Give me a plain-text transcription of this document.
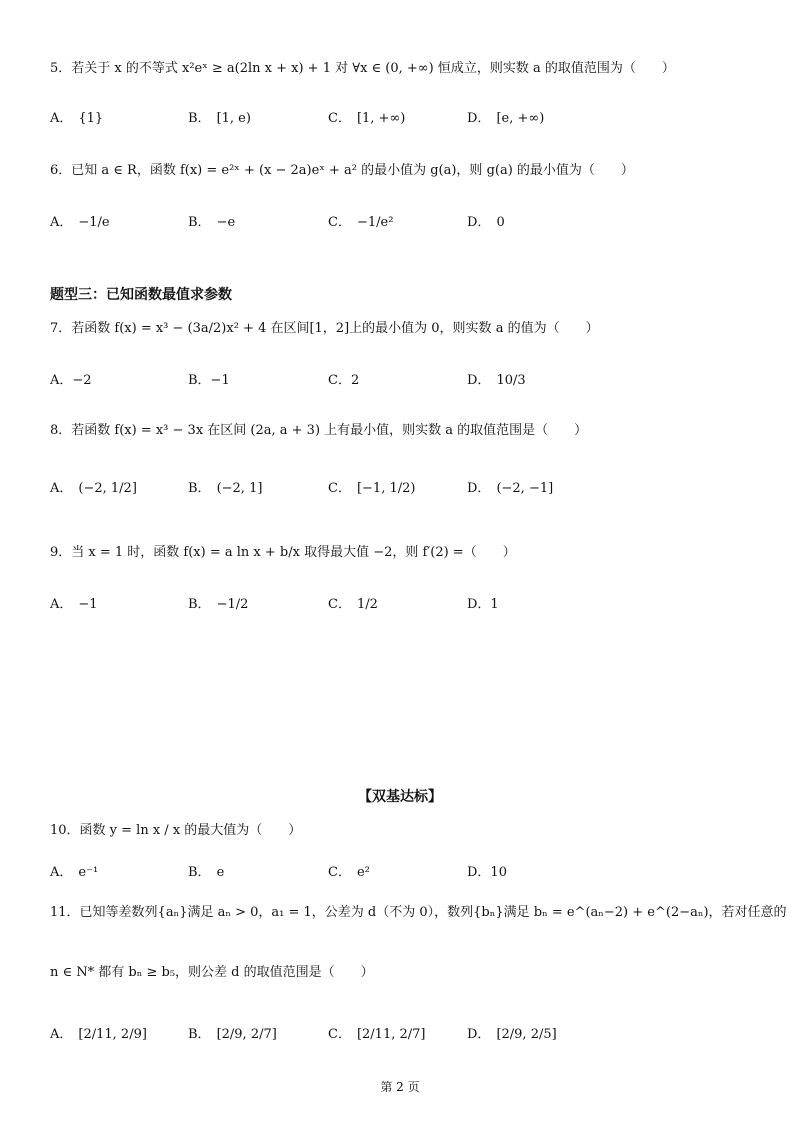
5．若关于 x 的不等式 x²eˣ ≥ a(2ln x + x) + 1 对 ∀x ∈ (0, +∞) 恒成立，则实数 a 的取值范围为（　　）
A． {1}	B． [1, e)	C． [1, +∞)	D． [e, +∞)
6．已知 a ∈ R，函数 f(x) = e²ˣ + (x − 2a)eˣ + a² 的最小值为 g(a)，则 g(a) 的最小值为（　　）
A． −1/e	B． −e	C． −1/e²	D． 0
题型三：已知函数最值求参数
7．若函数 f(x) = x³ − (3a/2)x² + 4 在区间[1，2]上的最小值为 0，则实数 a 的值为（　　）
A．−2	B．−1	C．2	D． 10/3
8．若函数 f(x) = x³ − 3x 在区间 (2a, a + 3) 上有最小值，则实数 a 的取值范围是（　　）
A． (−2, 1/2]	B． (−2, 1]	C． [−1, 1/2)	D． (−2, −1]
9．当 x = 1 时，函数 f(x) = a ln x + b/x 取得最大值 −2，则 f′(2) =（　　）
A． −1	B． −1/2	C． 1/2	D．1
【双基达标】
10．函数 y = ln x / x 的最大值为（　　）
A． e⁻¹	B． e	C． e²	D．10
11．已知等差数列{aₙ}满足 aₙ > 0，a₁ = 1，公差为 d（不为 0），数列{bₙ}满足 bₙ = e^(aₙ−2) + e^(2−aₙ)，若对任意的
n ∈ N* 都有 bₙ ≥ b₅，则公差 d 的取值范围是（　　）
A． [2/11, 2/9]	B． [2/9, 2/7]	C． [2/11, 2/7]	D． [2/9, 2/5]
第 2 页
